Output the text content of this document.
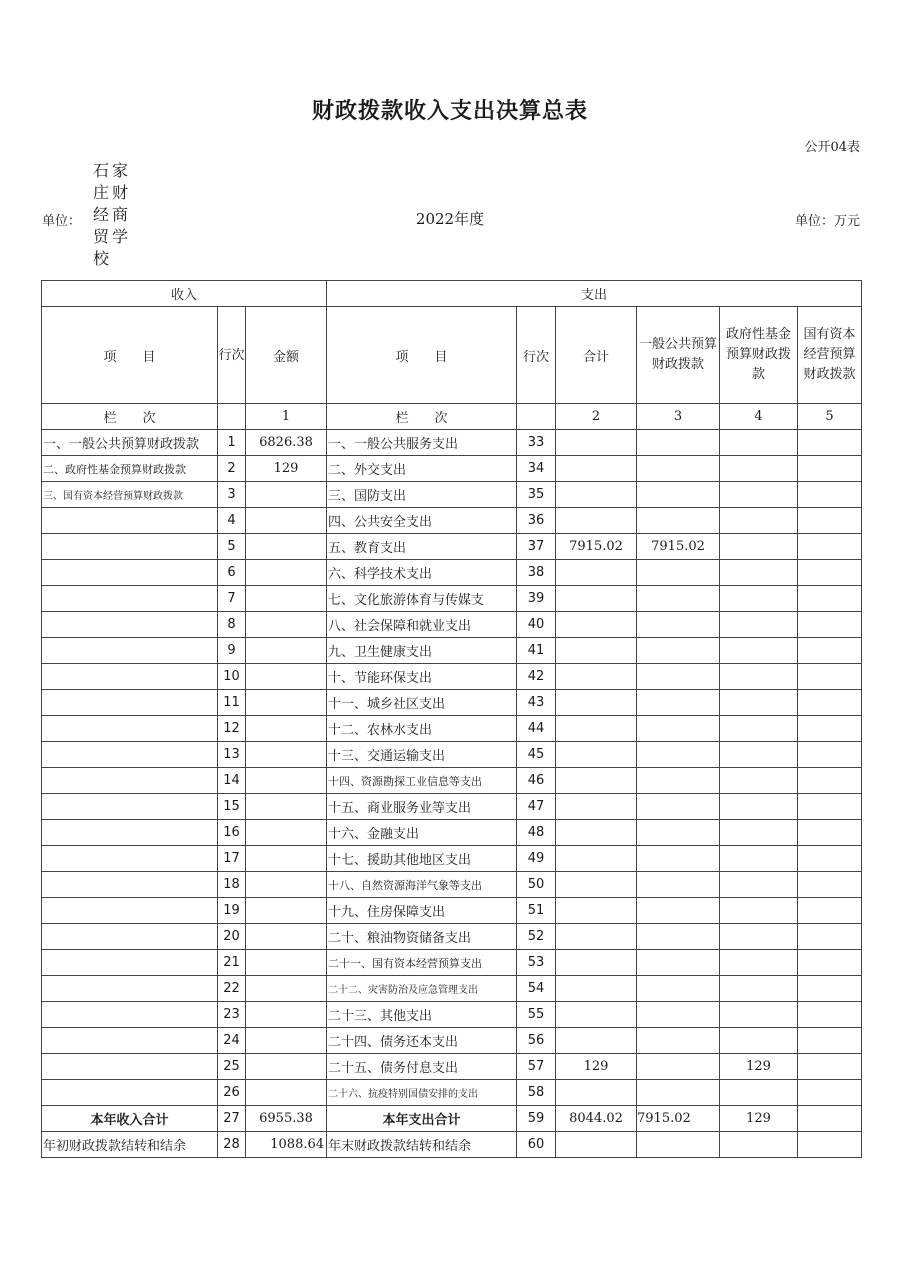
财政拨款收入支出决算总表
公开04表
单位：
石家庄财经商贸学校
2022年度	单位：万元
收入			支出					
项　　目	行次	金额	项　　目	行次	合计	一般公共预算财政拨款	政府性基金预算财政拨款	国有资本经营预算财政拨款
栏　　次		1	栏　　次		2	3	4	5
一、一般公共预算财政拨款	1	6826.38	一、一般公共服务支出	33				
二、政府性基金预算财政拨款	2	129	二、外交支出	34				
三、国有资本经营预算财政拨款	3		三、国防支出	35				
	4		四、公共安全支出	36				
	5		五、教育支出	37	7915.02	7915.02		
	6		六、科学技术支出	38				
	7		七、文化旅游体育与传媒支	39				
	8		八、社会保障和就业支出	40				
	9		九、卫生健康支出	41				
	10		十、节能环保支出	42				
	11		十一、城乡社区支出	43				
	12		十二、农林水支出	44				
	13		十三、交通运输支出	45				
	14		十四、资源勘探工业信息等支出	46				
	15		十五、商业服务业等支出	47				
	16		十六、金融支出	48				
	17		十七、援助其他地区支出	49				
	18		十八、自然资源海洋气象等支出	50				
	19		十九、住房保障支出	51				
	20		二十、粮油物资储备支出	52				
	21		二十一、国有资本经营预算支出	53				
	22		二十二、灾害防治及应急管理支出	54				
	23		二十三、其他支出	55				
	24		二十四、债务还本支出	56				
	25		二十五、债务付息支出	57	129		129	
	26		二十六、抗疫特别国债安排的支出	58				
本年收入合计	27	6955.38	本年支出合计	59	8044.02	7915.02	129	
年初财政拨款结转和结余	28	1088.64	年末财政拨款结转和结余	60				
